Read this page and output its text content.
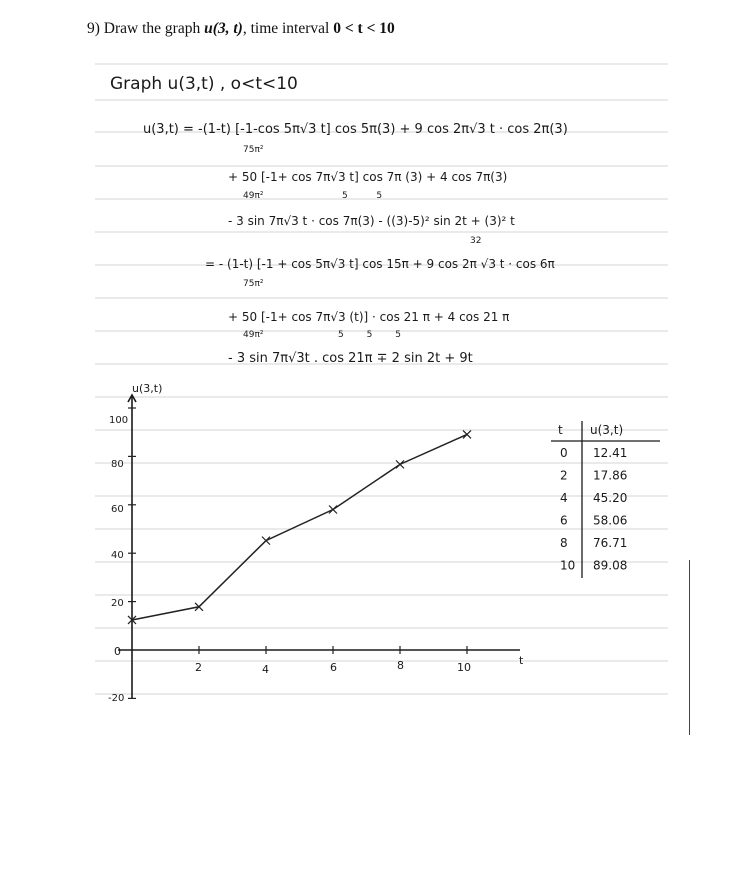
9) Draw the graph u(3, t), time interval 0 < t < 10
Graph u(3,t) , o<t<10
u(3,t) = -(1-t) [-1-cos 5π√3 t] cos 5π(3) + 9 cos 2π√3 t · cos 2π(3)
75π²
+ 50 [-1+ cos 7π√3 t] cos 7π (3) + 4 cos 7π(3)
49π²	5          5
- 3 sin 7π√3 t · cos 7π(3) - ((3)-5)² sin 2t + (3)² t
32
= - (1-t) [-1 + cos 5π√3 t] cos 15π + 9 cos 2π √3 t · cos 6π
75π²
+ 50 [-1+ cos 7π√3 (t)] · cos 21 π + 4 cos 21 π
49π²	5        5        5
- 3 sin 7π√3t . cos 21π ∓ 2 sin 2t + 9t
u(3,t)
100
80
60
40
20
0
-20
2	4	6	8	10
t
t u(3,t)
0 12.41
2 17.86
4 45.20
6 58.06
8 76.71
10 89.08
